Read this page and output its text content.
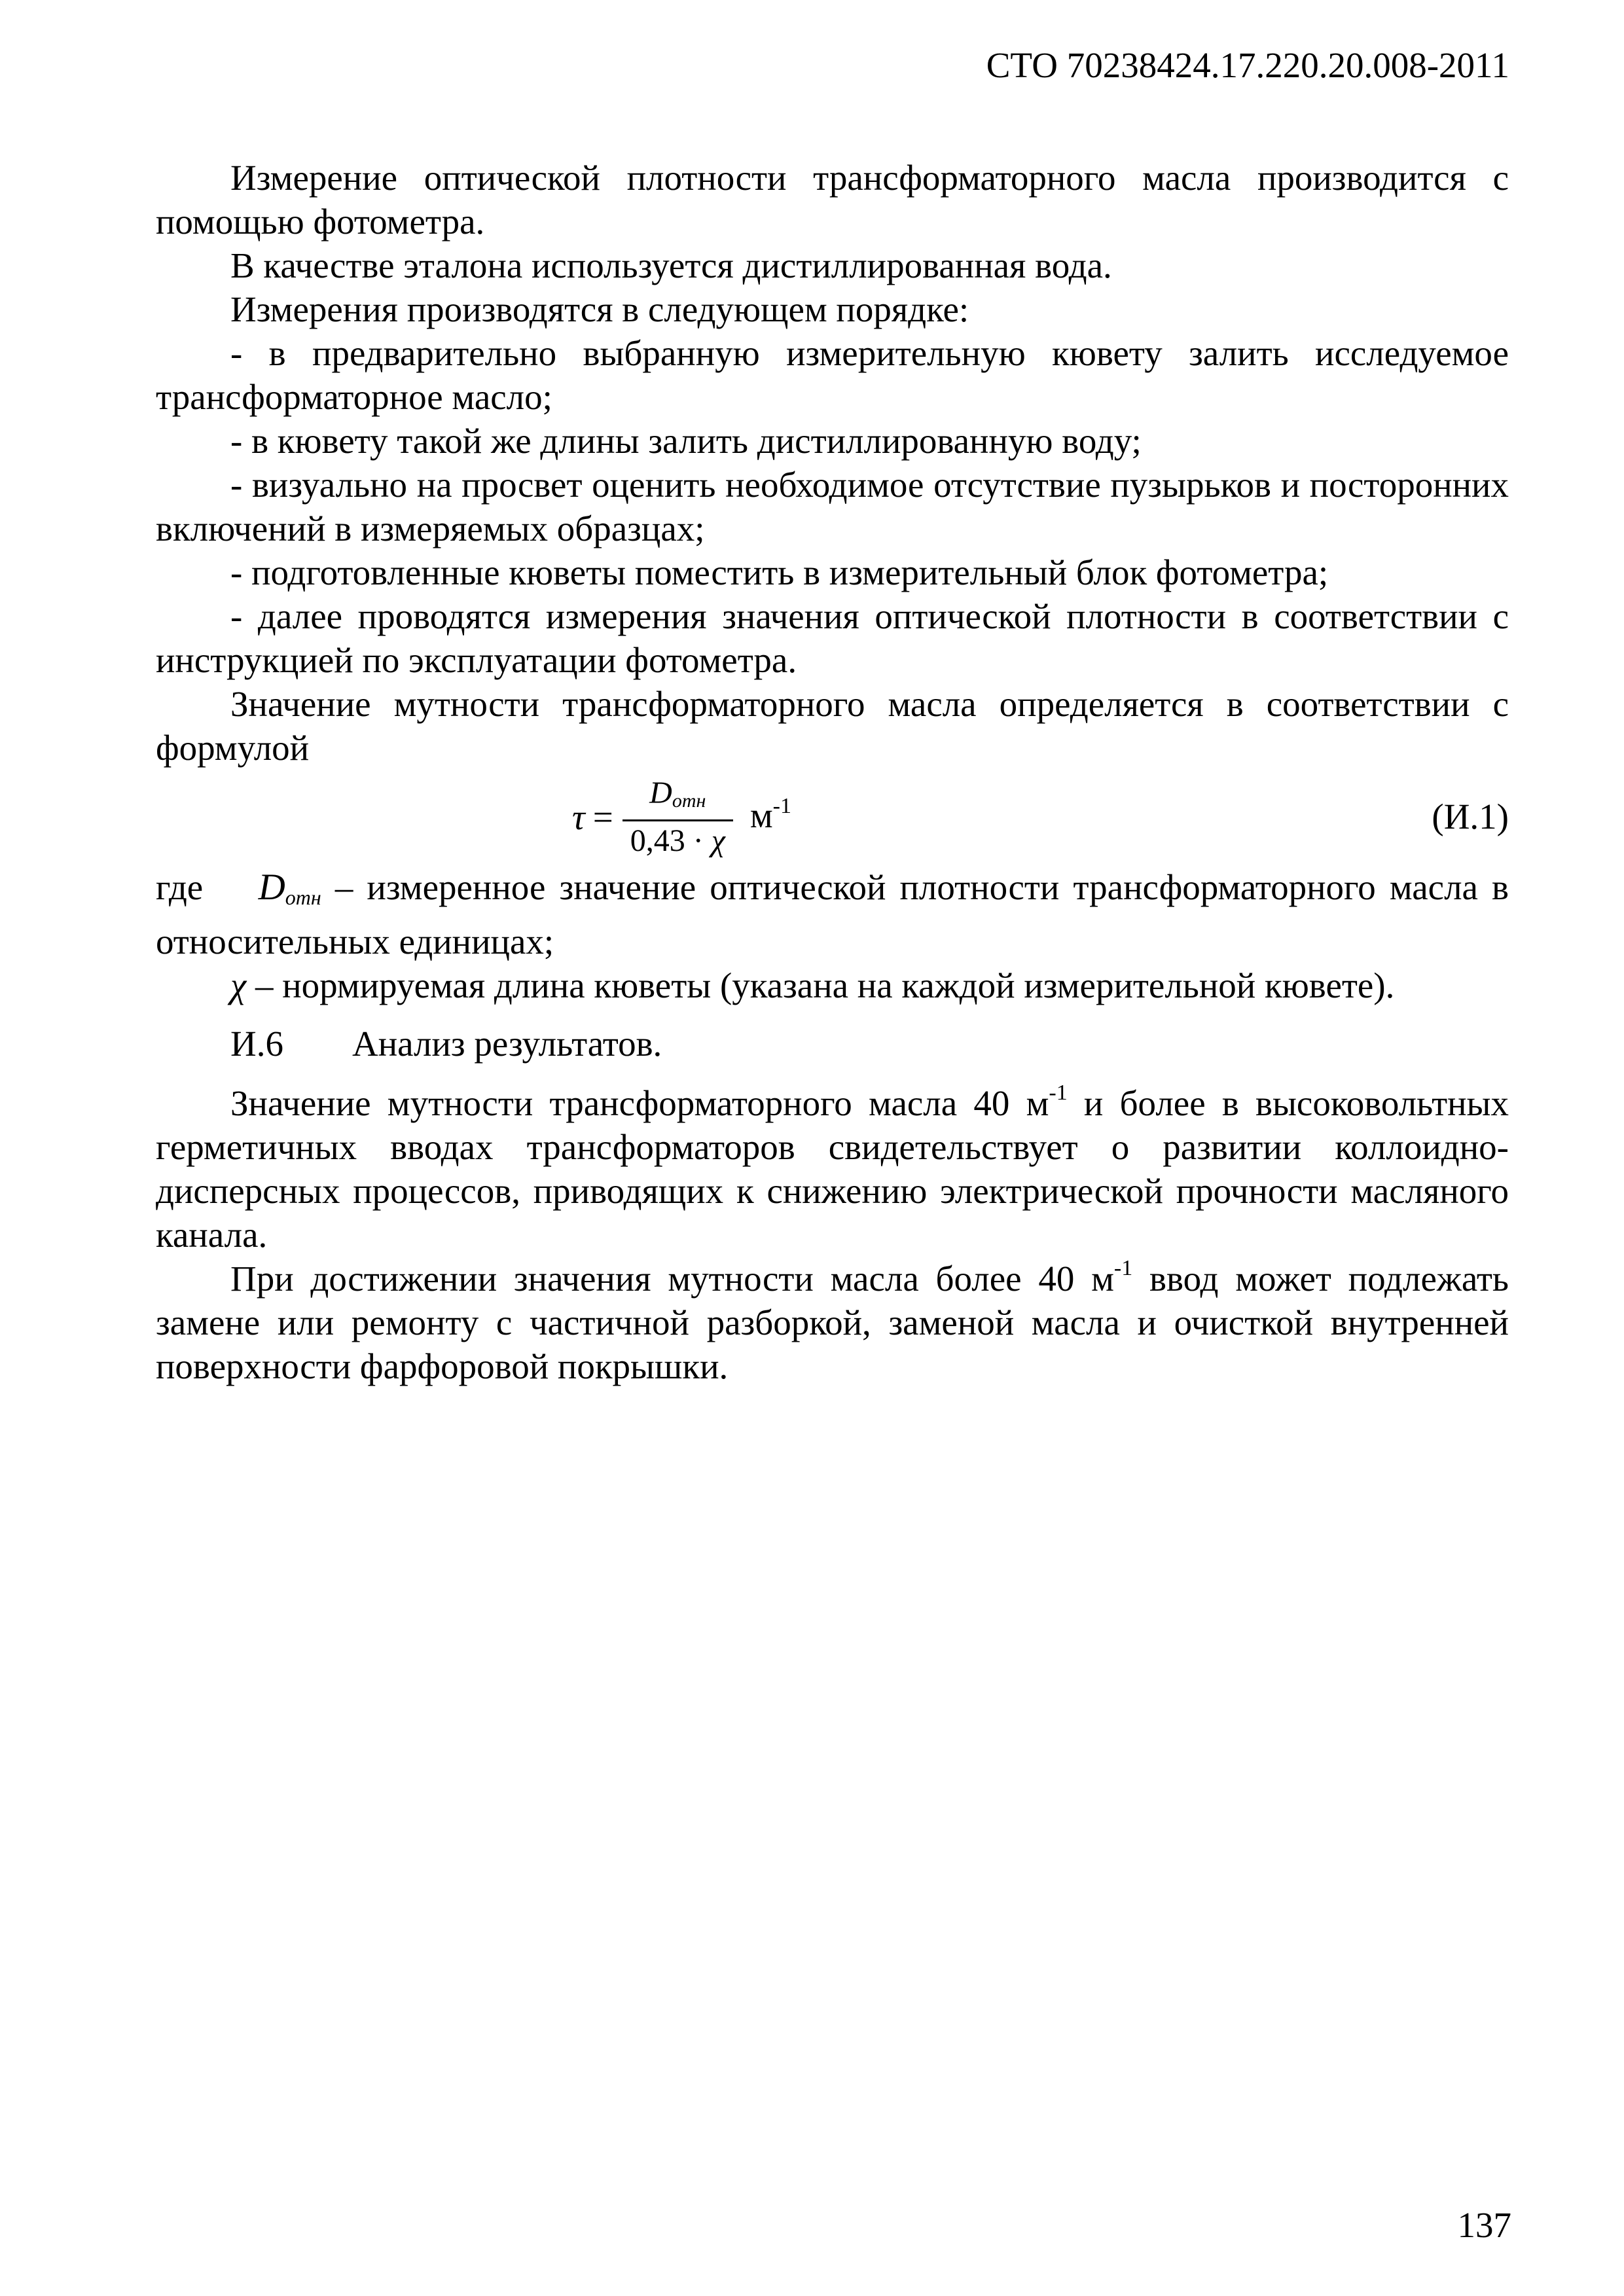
СТО 70238424.17.220.20.008-2011

Измерение оптической плотности трансформаторного масла производится с помощью фотометра.

В качестве эталона используется дистиллированная вода.

Измерения производятся в следующем порядке:

- в предварительно выбранную измерительную кювету залить исследуемое трансформаторное масло;

- в кювету такой же длины залить дистиллированную воду;

- визуально на просвет оценить необходимое отсутствие пузырьков и посторонних включений в измеряемых образцах;

- подготовленные кюветы поместить в измерительный блок фотометра;

- далее проводятся измерения значения оптической плотности в соответствии с инструкцией по эксплуатации фотометра.

Значение мутности трансформаторного масла определяется в соответствии с формулой

$\tau = \frac{D_{отн}}{0,43 \cdot \chi} м^{-1}$	(И.1)

где $D_{отн}$ – измеренное значение оптической плотности трансформаторного масла в относительных единицах;

χ – нормируемая длина кюветы (указана на каждой измерительной кювете).

И.6 Анализ результатов.

Значение мутности трансформаторного масла 40 $м^{-1}$ и более в высоковольтных герметичных вводах трансформаторов свидетельствует о развитии коллоидно-дисперсных процессов, приводящих к снижению электрической прочности масляного канала.

При достижении значения мутности масла более 40 $м^{-1}$ ввод может подлежать замене или ремонту с частичной разборкой, заменой масла и очисткой внутренней поверхности фарфоровой покрышки.

137
